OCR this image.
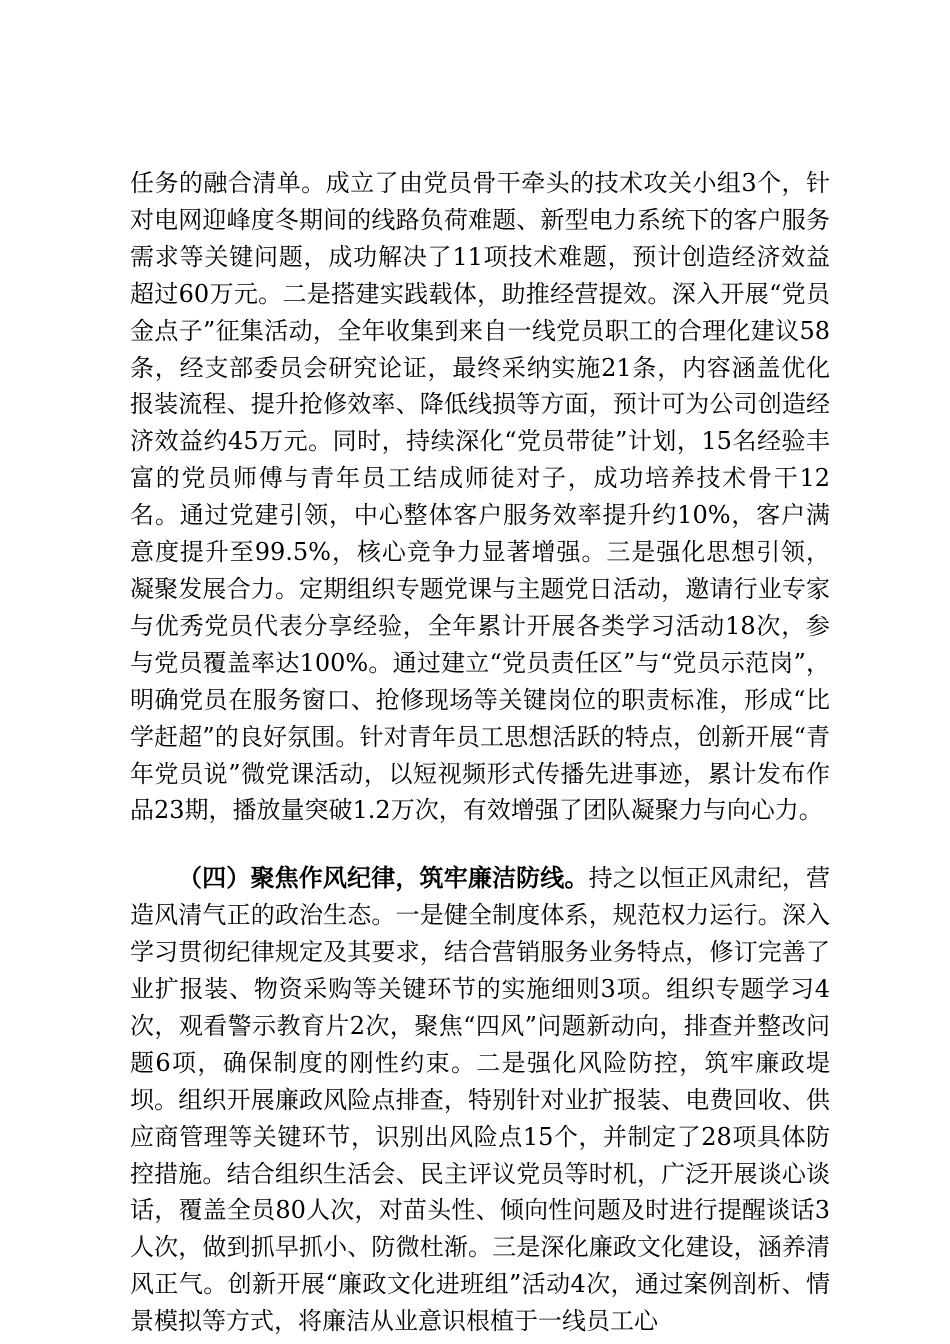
任务的融合清单。成立了由党员骨干牵头的技术攻关小组3个，针对电网迎峰度冬期间的线路负荷难题、新型电力系统下的客户服务需求等关键问题，成功解决了11项技术难题，预计创造经济效益超过60万元。二是搭建实践载体，助推经营提效。深入开展“党员金点子”征集活动，全年收集到来自一线党员职工的合理化建议58条，经支部委员会研究论证，最终采纳实施21条，内容涵盖优化报装流程、提升抢修效率、降低线损等方面，预计可为公司创造经济效益约45万元。同时，持续深化“党员带徒”计划，15名经验丰富的党员师傅与青年员工结成师徒对子，成功培养技术骨干12名。通过党建引领，中心整体客户服务效率提升约10%，客户满意度提升至99.5%，核心竞争力显著增强。三是强化思想引领，凝聚发展合力。定期组织专题党课与主题党日活动，邀请行业专家与优秀党员代表分享经验，全年累计开展各类学习活动18次，参与党员覆盖率达100%。通过建立“党员责任区”与“党员示范岗”，明确党员在服务窗口、抢修现场等关键岗位的职责标准，形成“比学赶超”的良好氛围。针对青年员工思想活跃的特点，创新开展“青年党员说”微党课活动，以短视频形式传播先进事迹，累计发布作品23期，播放量突破1.2万次，有效增强了团队凝聚力与向心力。

（四）聚焦作风纪律，筑牢廉洁防线。持之以恒正风肃纪，营造风清气正的政治生态。一是健全制度体系，规范权力运行。深入学习贯彻纪律规定及其要求，结合营销服务业务特点，修订完善了业扩报装、物资采购等关键环节的实施细则3项。组织专题学习4次，观看警示教育片2次，聚焦“四风”问题新动向，排查并整改问题6项，确保制度的刚性约束。二是强化风险防控，筑牢廉政堤坝。组织开展廉政风险点排查，特别针对业扩报装、电费回收、供应商管理等关键环节，识别出风险点15个，并制定了28项具体防控措施。结合组织生活会、民主评议党员等时机，广泛开展谈心谈话，覆盖全员80人次，对苗头性、倾向性问题及时进行提醒谈话3人次，做到抓早抓小、防微杜渐。三是深化廉政文化建设，涵养清风正气。创新开展“廉政文化进班组”活动4次，通过案例剖析、情景模拟等方式，将廉洁从业意识根植于一线员工心
